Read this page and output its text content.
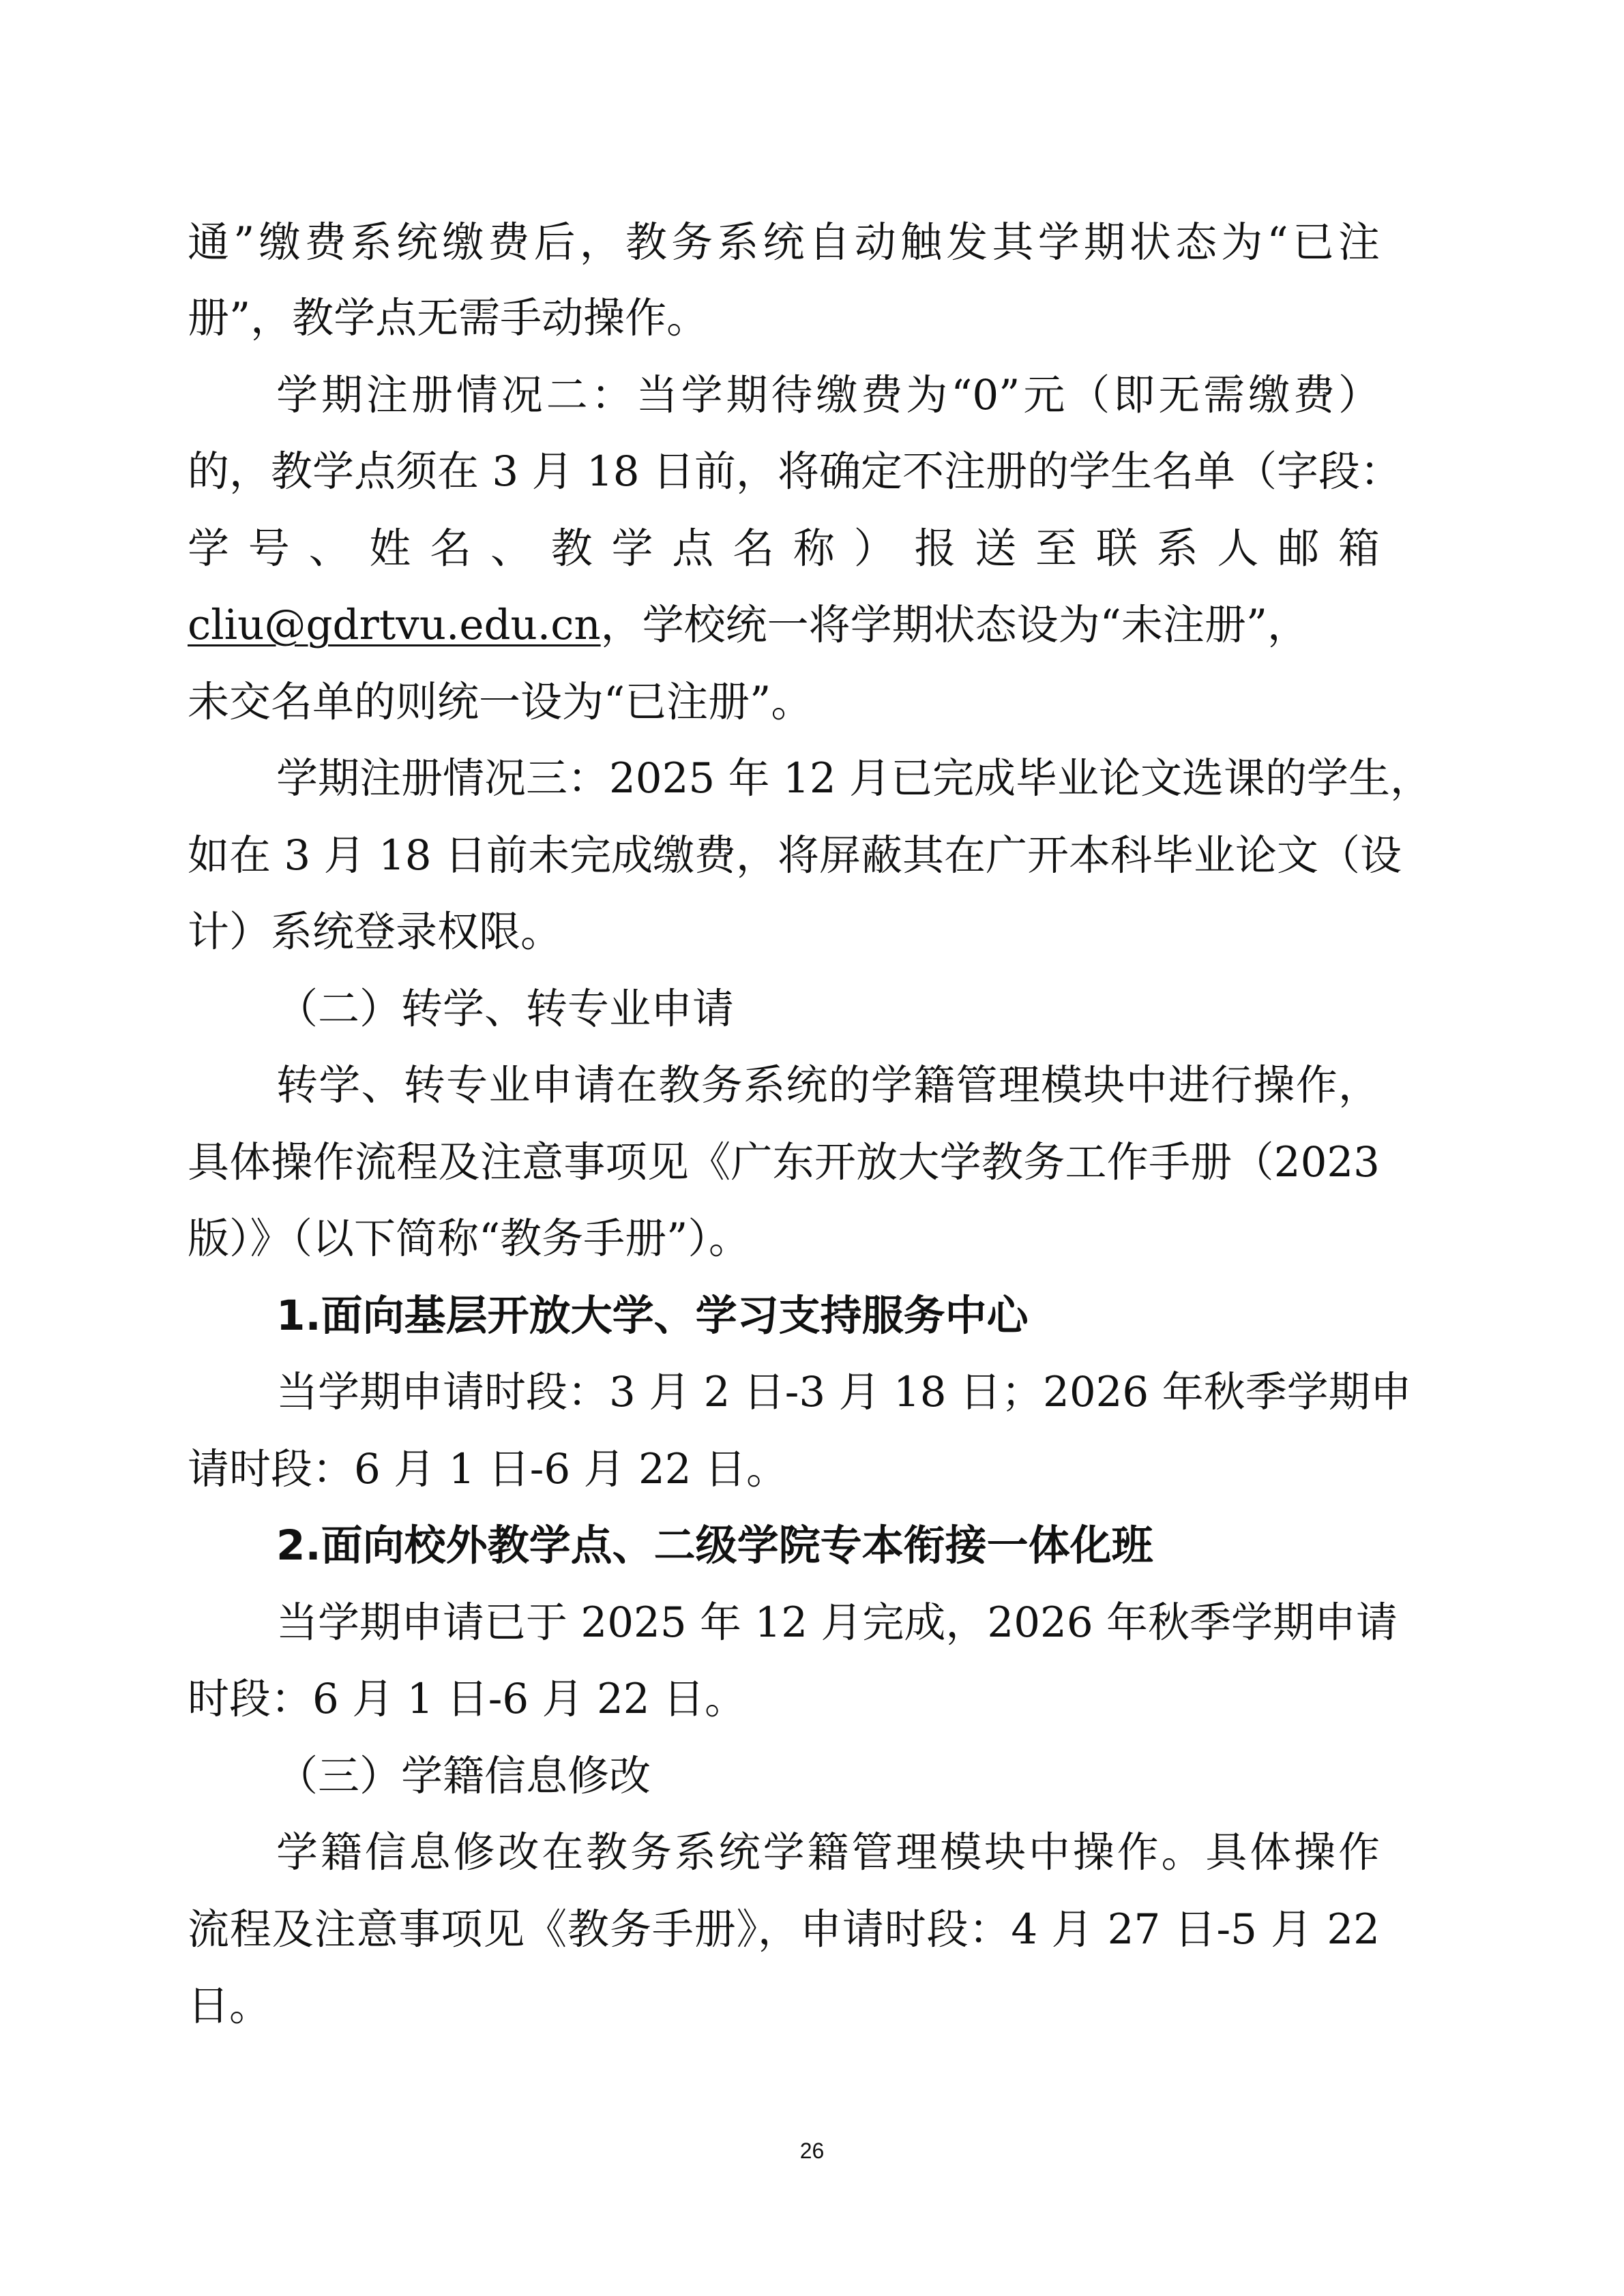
通”缴费系统缴费后，教务系统自动触发其学期状态为“已注
册”，教学点无需手动操作。
学期注册情况二：当学期待缴费为“0”元（即无需缴费）
的，教学点须在 3 月 18 日前，将确定不注册的学生名单（字段：
学号、姓名、教学点名称）报送至联系人邮箱
cliu@gdrtvu.edu.cn，学校统一将学期状态设为“未注册”，
未交名单的则统一设为“已注册”。
学期注册情况三：2025 年 12 月已完成毕业论文选课的学生，
如在 3 月 18 日前未完成缴费，将屏蔽其在广开本科毕业论文（设
计）系统登录权限。
（二）转学、转专业申请
转学、转专业申请在教务系统的学籍管理模块中进行操作，
具体操作流程及注意事项见《广东开放大学教务工作手册（2023
版）》（以下简称“教务手册”）。
1.面向基层开放大学、学习支持服务中心
当学期申请时段：3 月 2 日-3 月 18 日；2026 年秋季学期申
请时段：6 月 1 日-6 月 22 日。
2.面向校外教学点、二级学院专本衔接一体化班
当学期申请已于 2025 年 12 月完成，2026 年秋季学期申请
时段：6 月 1 日-6 月 22 日。
（三）学籍信息修改
学籍信息修改在教务系统学籍管理模块中操作。具体操作
流程及注意事项见《教务手册》，申请时段：4 月 27 日-5 月 22
日。
26
